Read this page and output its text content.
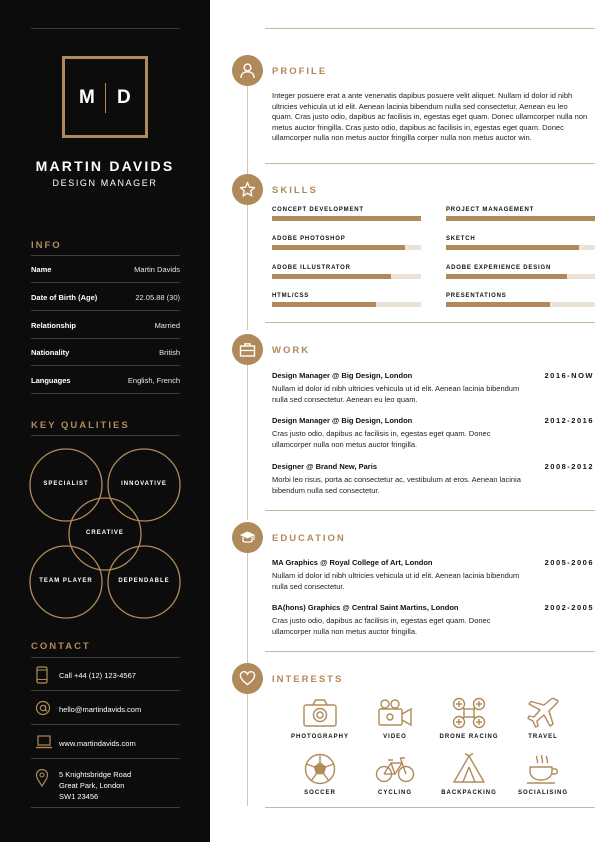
M D
MARTIN DAVIDS
DESIGN MANAGER
INFO
Name	Martin Davids
Date of Birth (Age)	22.05.88 (30)
Relationship	Married
Nationality	British
Languages	English, French
KEY QUALITIES
SPECIALIST	INNOVATIVE
CREATIVE
TEAM PLAYER	DEPENDABLE
CONTACT
Call +44 (12) 123-4567
hello@martindavids.com
www.martindavids.com
5 Knightsbridge Road
Great Park, London
SW1 23456
PROFILE
Integer posuere erat a ante venenatis dapibus posuere velit aliquet. Nullam id dolor id nibh ultricies vehicula ut id elit. Aenean lacinia bibendum nulla sed consectetur. Aenean eu leo quam. Cras justo odio, dapibus ac facilisis in, egestas eget quam. Donec ullamcorper nulla non metus auctor fringilla. Cras justo odio, dapibus ac facilisis in, egestas eget quam. Donec ullamcorper nulla non metus auctor fringilla corper nulla non metus auctor win.
SKILLS
CONCEPT DEVELOPMENT	PROJECT MANAGEMENT
ADOBE PHOTOSHOP	SKETCH
ADOBE ILLUSTRATOR	ADOBE EXPERIENCE DESIGN
HTML/CSS	PRESENTATIONS
WORK
Design Manager @ Big Design, London	2016-NOW
Nullam id dolor id nibh ultricies vehicula ut id elit. Aenean lacinia bibendum nulla sed consectetur. Aenean eu leo quam.
Design Manager @ Big Design, London	2012-2016
Cras justo odio, dapibus ac facilisis in, egestas eget quam. Donec ullamcorper nulla non metus auctor fringilla.
Designer @ Brand New, Paris	2008-2012
Morbi leo risus, porta ac consectetur ac, vestibulum at eros. Aenean lacinia bibendum nulla sed consectetur.
EDUCATION
MA Graphics @ Royal College of Art, London	2005-2006
Nullam id dolor id nibh ultricies vehicula ut id elit. Aenean lacinia bibendum nulla sed consectetur.
BA(hons) Graphics @ Central Saint Martins, London	2002-2005
Cras justo odio, dapibus ac facilisis in, egestas eget quam. Donec ullamcorper nulla non metus auctor fringilla.
INTERESTS
PHOTOGRAPHY	VIDEO	DRONE RACING	TRAVEL
SOCCER	CYCLING	BACKPACKING	SOCIALISING
